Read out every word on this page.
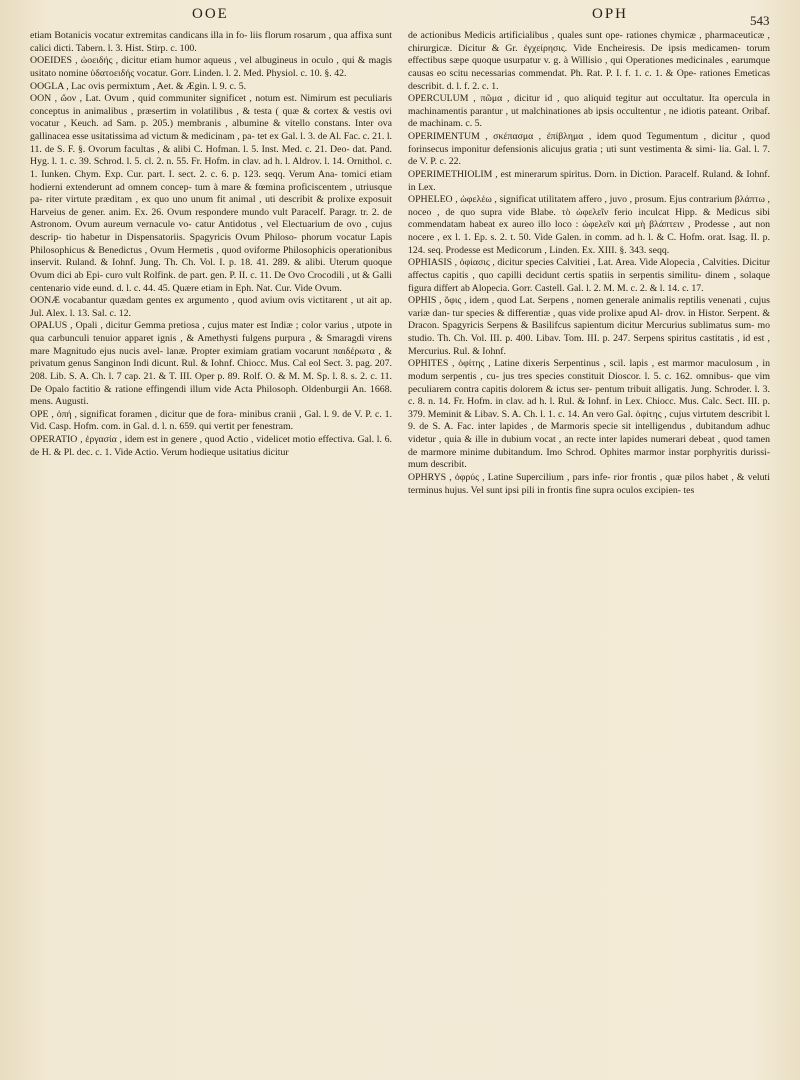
OOE	OPH	543

etiam Botanicis vocatur extremitas candicans illa in fo- liis florum rosarum , qua affixa sunt calici dicti. Tabern. l. 3. Hist. Stirp. c. 100.

OOEIDES , ὠοειδής , dicitur etiam humor aqueus , vel albugineus in oculo , qui & magis usitato nomine ὑδατοειδής vocatur. Gorr. Linden. l. 2. Med. Physiol. c. 10. §. 42.

OOGLA , Lac ovis permixtum , Aet. & Ægin. l. 9. c. 5.

OON , ὤον , Lat. Ovum , quid communiter significet , notum est. Nimirum est peculiaris conceptus in animalibus , præsertim in volatilibus , & testa ( quæ & cortex & vestis ovi vocatur , Keuch. ad Sam. p. 205.) membranis , albumine & vitello constans. Inter ova gallinacea esse usitatissima ad victum & medicinam , pa- tet ex Gal. l. 3. de Al. Fac. c. 21. l. 11. de S. F. §. Ovorum facultas , & alibi C. Hofman. l. 5. Inst. Med. c. 21. Deo- dat. Pand. Hyg. l. 1. c. 39. Schrod. l. 5. cl. 2. n. 55. Fr. Hofm. in clav. ad h. l. Aldrov. l. 14. Ornithol. c. 1. Iunken. Chym. Exp. Cur. part. I. sect. 2. c. 6. p. 123. seqq. Verum Ana- tomici etiam hodierni extenderunt ad omnem concep- tum à mare & fœmina proficiscentem , utriusque pa- riter virtute præditam , ex quo uno unum fit animal , uti describit & prolixe exposuit Harveius de gener. anim. Ex. 26. Ovum respondere mundo vult Paracelf. Paragr. tr. 2. de Astronom. Ovum aureum vernacule vo- catur Antidotus , vel Electuarium de ovo , cujus descrip- tio habetur in Dispensatoriis. Spagyricis Ovum Philoso- phorum vocatur Lapis Philosophicus & Benedictus , Ovum Hermetis , quod oviforme Philosophicis operationibus inservit. Ruland. & Iohnf. Jung. Th. Ch. Vol. I. p. 18. 41. 289. & alibi. Uterum quoque Ovum dici ab Epi- curo vult Rolfink. de part. gen. P. II. c. 11. De Ovo Crocodili , ut & Galli centenario vide eund. d. l. c. 44. 45. Quære etiam in Eph. Nat. Cur. Vide Ovum.

OONÆ vocabantur quædam gentes ex argumento , quod avium ovis victitarent , ut ait ap. Jul. Alex. l. 13. Sal. c. 12.

OPALUS , Opali , dicitur Gemma pretiosa , cujus mater est Indiæ ; color varius , utpote in qua carbunculi tenuior apparet ignis , & Amethysti fulgens purpura , & Smaragdi virens mare Magnitudo ejus nucis avel- lanæ. Propter eximiam gratiam vocarunt παιδέρωτα , & privatum genus Sanginon Indi dicunt. Rul. & Iohnf. Chiocc. Mus. Cal eol Sect. 3. pag. 207. 208. Lib. S. A. Ch. l. 7 cap. 21. & T. III. Oper p. 89. Rolf. O. & M. M. Sp. l. 8. s. 2. c. 11. De Opalo factitio & ratione effingendi illum vide Acta Philosoph. Oldenburgii An. 1668. mens. Augusti.

OPE , ὀπή , significat foramen , dicitur que de fora- minibus cranii , Gal. l. 9. de V. P. c. 1. Vid. Casp. Hofm. com. in Gal. d. l. n. 659. qui vertit per fenestram.

OPERATIO , ἐργασία , idem est in genere , quod Actio , videlicet motio effectiva. Gal. l. 6. de H. & Pl. dec. c. 1. Vide Actio. Verum hodieque usitatius dicitur

de actionibus Medicis artificialibus , quales sunt ope- rationes chymicæ , pharmaceuticæ , chirurgicæ. Dicitur & Gr. ἐγχείρησις. Vide Encheiresis. De ipsis medicamen- torum effectibus sæpe quoque usurpatur v. g. à Willisio , qui Operationes medicinales , earumque causas eo scitu necessarias commendat. Ph. Rat. P. I. f. 1. c. 1. & Ope- rationes Emeticas describit. d. l. f. 2. c. 1.

OPERCULUM , πῶμα , dicitur id , quo aliquid tegitur aut occultatur. Ita opercula in machinamentis parantur , ut malchinationes ab ipsis occultentur , ne idiotis pateant. Oribaf. de machinam. c. 5.

OPERIMENTUM , σκέπασμα , ἐπίβλημα , idem quod Tegumentum , dicitur , quod forinsecus imponitur defensionis alicujus gratia ; uti sunt vestimenta & simi- lia. Gal. l. 7. de V. P. c. 22.

OPERIMETHIOLIM , est minerarum spiritus. Dorn. in Diction. Paracelf. Ruland. & Iohnf. in Lex.

OPHELEO , ὠφελέω , significat utilitatem affero , juvo , prosum. Ejus contrarium βλάπτω , noceo , de quo supra vide Blabe. τὸ ὠφελεῖν ferio inculcat Hipp. & Medicus sibi commendatam habeat ex aureo illo loco : ὠφελεῖν καὶ μὴ βλάπτειν , Prodesse , aut non nocere , ex l. 1. Ep. s. 2. t. 50. Vide Galen. in comm. ad h. l. & C. Hofm. orat. Isag. II. p. 124. seq. Prodesse est Medicorum , Linden. Ex. XIII. §. 343. seqq.

OPHIASIS , ὀφίασις , dicitur species Calvitiei , Lat. Area. Vide Alopecia , Calvities. Dicitur affectus capitis , quo capilli decidunt certis spatiis in serpentis similitu- dinem , solaque figura differt ab Alopecia. Gorr. Castell. Gal. l. 2. M. M. c. 2. & l. 14. c. 17.

OPHIS , ὄφις , idem , quod Lat. Serpens , nomen generale animalis reptilis venenati , cujus variæ dan- tur species & differentiæ , quas vide prolixe apud Al- drov. in Histor. Serpent. & Dracon. Spagyricis Serpens & Basilifcus sapientum dicitur Mercurius sublimatus sum- mo studio. Th. Ch. Vol. III. p. 400. Libav. Tom. III. p. 247. Serpens spiritus castitatis , id est , Mercurius. Rul. & Iohnf.

OPHITES , ὀφίτης , Latine dixeris Serpentinus , scil. lapis , est marmor maculosum , in modum serpentis , cu- jus tres species constituit Dioscor. l. 5. c. 162. omnibus- que vim peculiarem contra capitis dolorem & ictus ser- pentum tribuit alligatis. Jung. Schroder. l. 3. c. 8. n. 14. Fr. Hofm. in clav. ad h. l. Rul. & Iohnf. in Lex. Chiocc. Mus. Calc. Sect. III. p. 379. Meminit & Libav. S. A. Ch. l. 1. c. 14. An vero Gal. ὀφίτης , cujus virtutem describit l. 9. de S. A. Fac. inter lapides , de Marmoris specie sit intelligendus , dubitandum adhuc videtur , quia & ille in dubium vocat , an recte inter lapides numerari debeat , quod tamen de marmore minime dubitandum. Imo Schrod. Ophites marmor instar porphyritis durissi- mum describit.

OPHRYS , ὀφρύς , Latine Supercilium , pars infe- rior frontis , quæ pilos habet , & veluti terminus hujus. Vel sunt ipsi pili in frontis fine supra oculos excipien- tes
